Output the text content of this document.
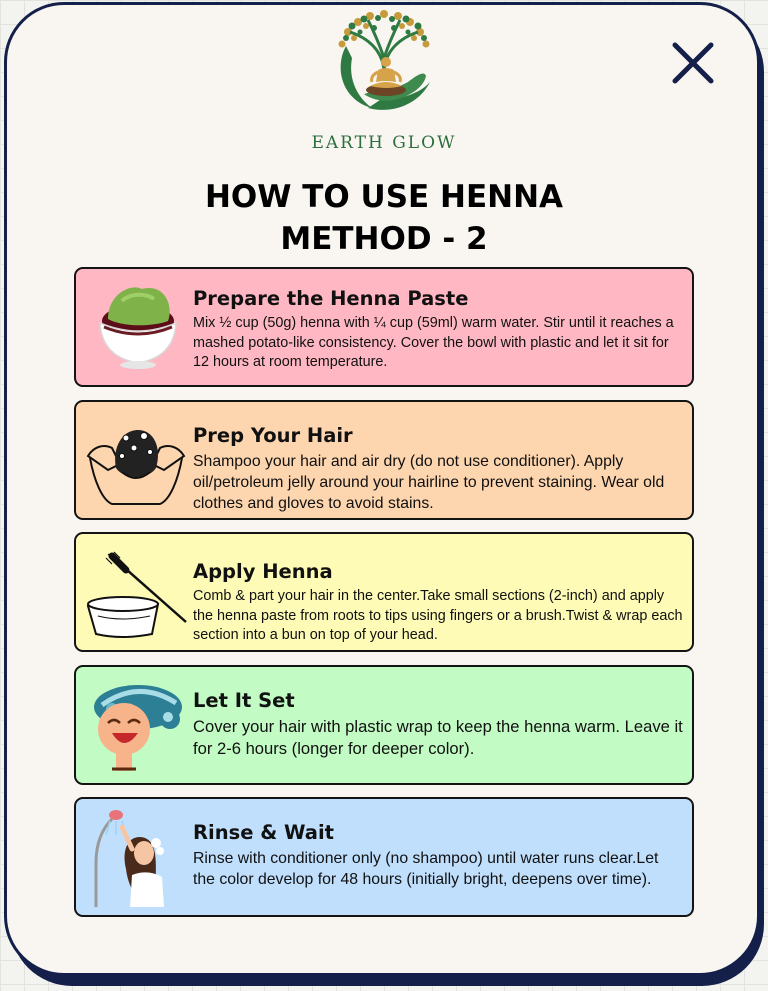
EARTH GLOW
HOW TO USE HENNA
METHOD - 2
Prepare the Henna Paste
Mix ½ cup (50g) henna with ¼ cup (59ml) warm water. Stir until it reaches a mashed potato-like consistency. Cover the bowl with plastic and let it sit for 12 hours at room temperature.
Prep Your Hair
Shampoo your hair and air dry (do not use conditioner). Apply oil/petroleum jelly around your hairline to prevent staining. Wear old clothes and gloves to avoid stains.
Apply Henna
Comb & part your hair in the center.Take small sections (2-inch) and apply the henna paste from roots to tips using fingers or a brush.Twist & wrap each section into a bun on top of your head.
Let It Set
Cover your hair with plastic wrap to keep the henna warm. Leave it for 2-6 hours (longer for deeper color).
Rinse & Wait
Rinse with conditioner only (no shampoo) until water runs clear.Let the color develop for 48 hours (initially bright, deepens over time).
